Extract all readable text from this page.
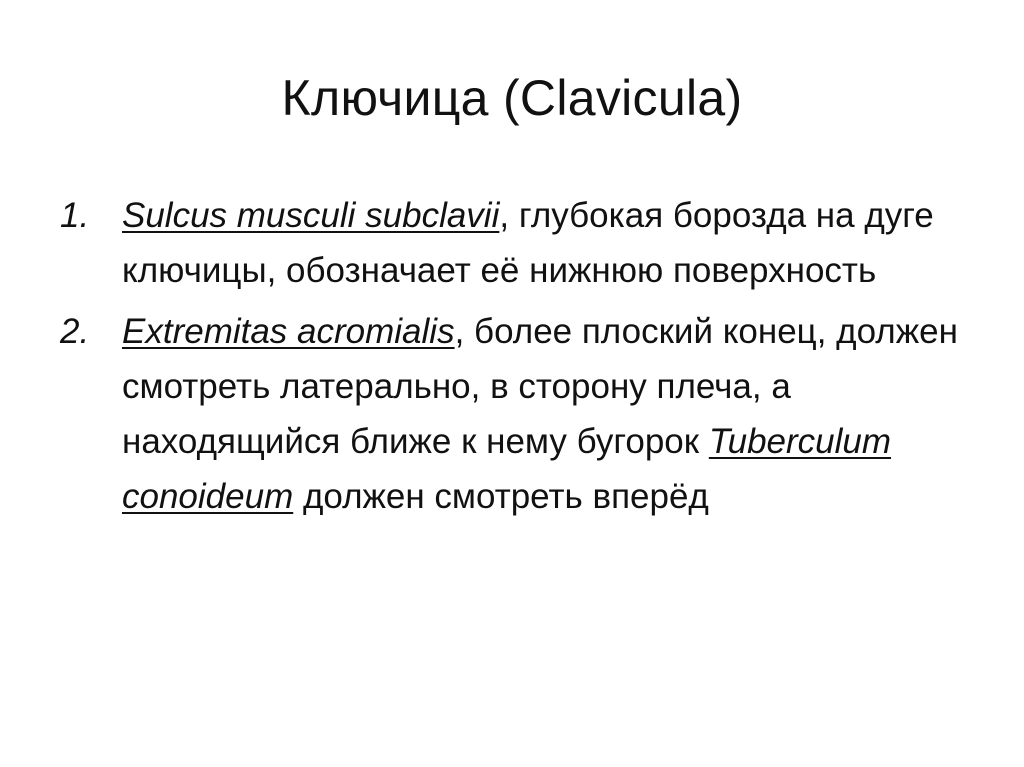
Ключица (Clavicula)
1. Sulcus musculi subclavii, глубокая борозда на дуге ключицы, обозначает её нижнюю поверхность
2. Extremitas acromialis, более плоский конец, должен смотреть латерально, в сторону плеча, а находящийся ближе к нему бугорок Tuberculum conoideum должен смотреть вперёд
